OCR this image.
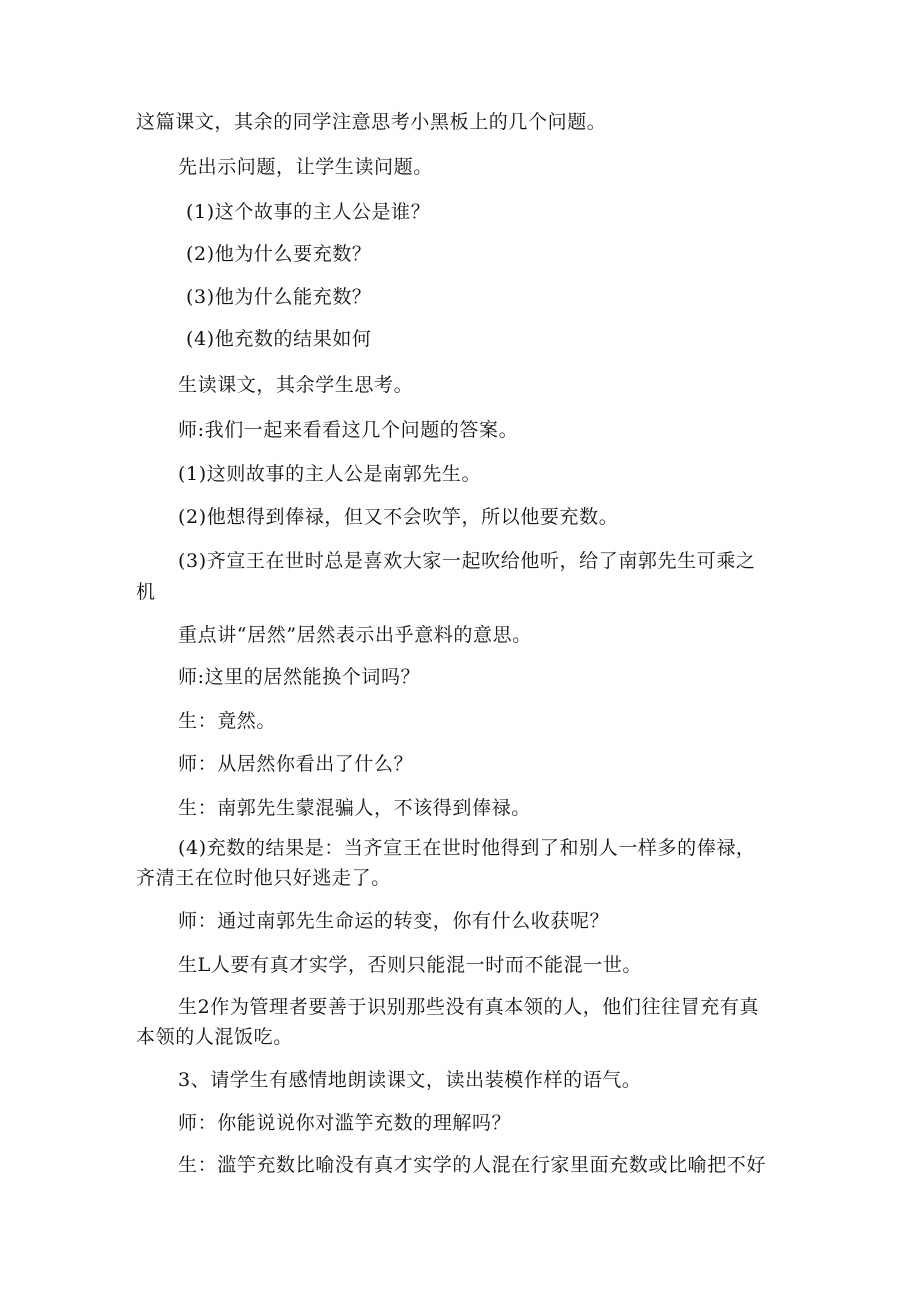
这篇课文，其余的同学注意思考小黑板上的几个问题。
先出示问题，让学生读问题。
(1)这个故事的主人公是谁？
(2)他为什么要充数？
(3)他为什么能充数？
(4)他充数的结果如何
生读课文，其余学生思考。
师:我们一起来看看这几个问题的答案。
(1)这则故事的主人公是南郭先生。
(2)他想得到俸禄，但又不会吹竽，所以他要充数。
(3)齐宣王在世时总是喜欢大家一起吹给他听，给了南郭先生可乘之
机
重点讲“居然”居然表示出乎意料的意思。
师:这里的居然能换个词吗？
生：竟然。
师：从居然你看出了什么？
生：南郭先生蒙混骗人，不该得到俸禄。
(4)充数的结果是：当齐宣王在世时他得到了和别人一样多的俸禄，
齐清王在位时他只好逃走了。
师：通过南郭先生命运的转变，你有什么收获呢？
生L人要有真才实学，否则只能混一时而不能混一世。
生2作为管理者要善于识别那些没有真本领的人，他们往往冒充有真
本领的人混饭吃。
3、请学生有感情地朗读课文，读出装模作样的语气。
师：你能说说你对滥竽充数的理解吗？
生：滥竽充数比喻没有真才实学的人混在行家里面充数或比喻把不好
